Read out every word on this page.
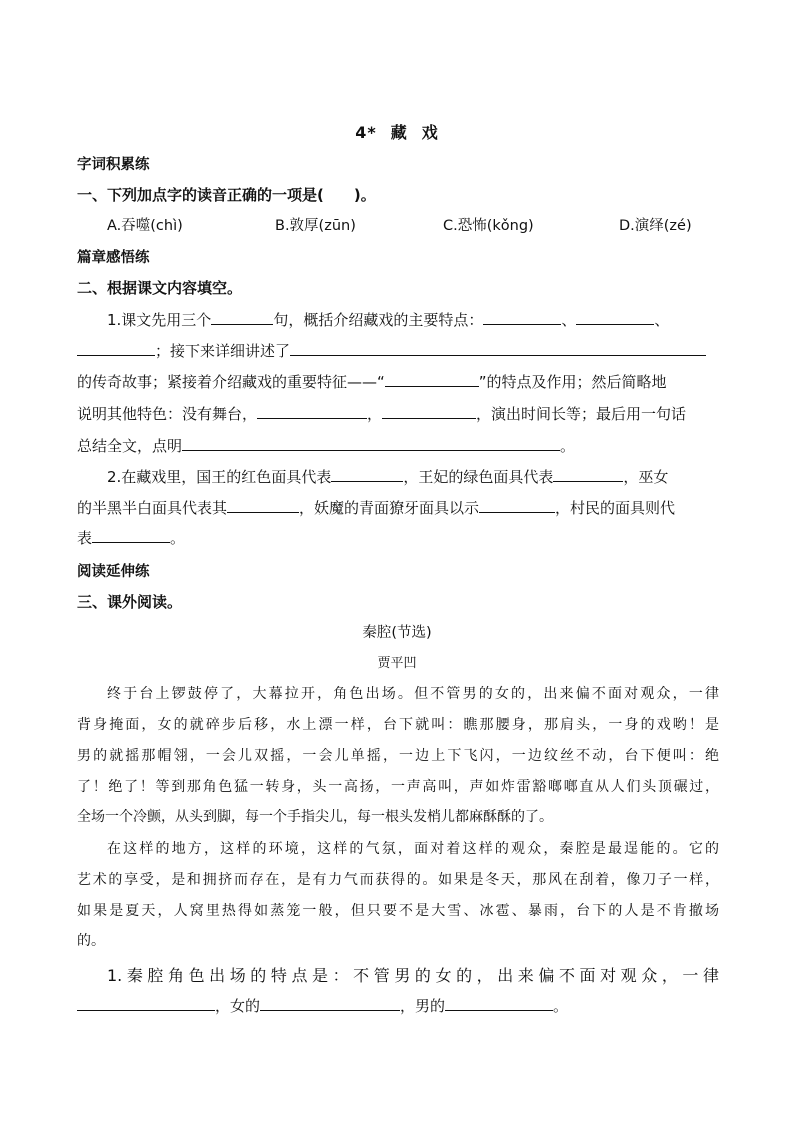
4* 藏 戏
字词积累练
一、下列加点字的读音正确的一项是(　　)。
A.吞噬(chì)	B.敦厚(zūn)	C.恐怖(kǒng)	D.演绎(zé)
篇章感悟练
二、根据课文内容填空。
1.课文先用三个	句，概括介绍藏戏的主要特点：	、	、
；接下来详细讲述了
的传奇故事；紧接着介绍藏戏的重要特征——“	”的特点及作用；然后简略地
说明其他特色：没有舞台，	，	，演出时间长等；最后用一句话
总结全文，点明	。
2.在藏戏里，国王的红色面具代表	，王妃的绿色面具代表	，巫女
的半黑半白面具代表其	，妖魔的青面獠牙面具以示	，村民的面具则代
表	。
阅读延伸练
三、课外阅读。
秦腔(节选)
贾平凹
终于台上锣鼓停了，大幕拉开，角色出场。但不管男的女的，出来偏不面对观众，一律
背身掩面，女的就碎步后移，水上漂一样，台下就叫：瞧那腰身，那肩头，一身的戏哟！是
男的就摇那帽翎，一会儿双摇，一会儿单摇，一边上下飞闪，一边纹丝不动，台下便叫：绝
了！绝了！等到那角色猛一转身，头一高扬，一声高叫，声如炸雷豁啷啷直从人们头顶碾过，
全场一个冷颤，从头到脚，每一个手指尖儿，每一根头发梢儿都麻酥酥的了。
在这样的地方，这样的环境，这样的气氛，面对着这样的观众，秦腔是最逞能的。它的
艺术的享受，是和拥挤而存在，是有力气而获得的。如果是冬天，那风在刮着，像刀子一样，
如果是夏天，人窝里热得如蒸笼一般，但只要不是大雪、冰雹、暴雨，台下的人是不肯撤场
的。
1.秦腔角色出场的特点是：不管男的女的，出来偏不面对观众，一律
，女的	，男的	。
